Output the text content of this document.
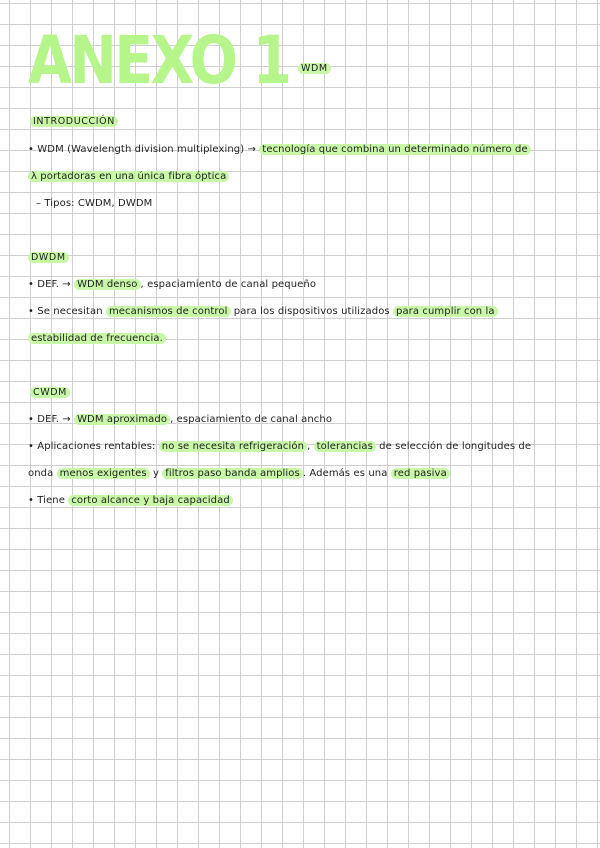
ANEXO 1	WDM
INTRODUCCIÓN
• WDM (Wavelength division multiplexing) → tecnología que combina un determinado número de
λ portadoras en una única fibra óptica
– Tipos: CWDM, DWDM
DWDM
• DEF. → WDM denso , espaciamiento de canal pequeño
• Se necesitan mecanismos de control para los dispositivos utilizados para cumplir con la
estabilidad de frecuencia.
CWDM
• DEF. → WDM aproximado , espaciamiento de canal ancho
• Aplicaciones rentables: no se necesita refrigeración , tolerancias de selección de longitudes de
onda menos exigentes y filtros paso banda amplios . Además es una red pasiva
• Tiene corto alcance y baja capacidad
